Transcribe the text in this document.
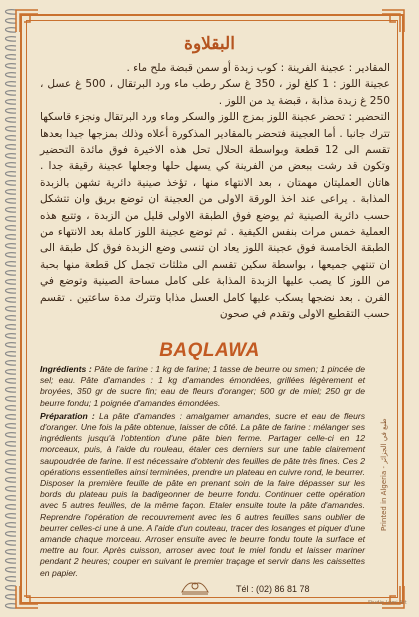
البقلاوة
المقادير : عجينة الفرينة : كوب زبدة أو سمن قبضة ملح ماء .
عجينة اللوز : 1 كلغ لوز ، 350 غ سكر رطب ماء ورد البرتقال ، 500 غ عسل ، 250 غ زبدة مذابة ، قبضة يد من اللوز .
التحضير : تحضر عجينة اللوز بمزج اللوز والسكر وماء ورد البرتقال ونجزء قاسكها تترك جانبا . أما العجينة فتحضر بالمقادير المذكورة أعلاه وذلك بمزجها جيدا بعدها تقسم الى 12 قطعة وبواسطة الحلال تحل هذه الاخيرة فوق مائدة التحضير وتكون قد رشت ببعض من الفرينة كي يسهل حلها وجعلها عجينة رقيقة جدا . هاتان العمليتان مهمتان ، بعد الانتهاء منها ، تؤخذ صينية دائرية تشهن بالزبدة المذابة . يراعى عند اخذ الورقة الاولى من العجينة ان توضع بريق وان تتشكل حسب دائرية الصينية ثم يوضع فوق الطبقة الاولى قليل من الزبدة ، وتتبع هذه العملية خمس مرات بنفس الكيفية . ثم توضع عجينة اللوز كاملة بعد الانتهاء من الطبقة الخامسة فوق عجينة اللوز يعاد ان تنسى وضع الزبدة فوق كل طبقة الى ان تنتهي جميعها ، بواسطة سكين تقسم الى مثلثات تجمل كل قطعة منها بحبة من اللوز كا يصب عليها الزبدة المذابة على كامل مساحة الصينية وتوضع في الفرن . بعد نضجها يسكب عليها كامل العسل مذابا وتترك مدة ساعتين . تقسم حسب التقطيع الاولى وتقدم في صحون
BAQLAWA

Ingrédients : Pâte de farine : 1 kg de farine; 1 tasse de beurre ou smen; 1 pincée de sel; eau. Pâte d'amandes : 1 kg d'amandes émondées, grillées légèrement et broyées, 350 gr de sucre fin; eau de fleurs d'oranger; 500 gr de miel; 250 gr de beurre fondu; 1 poignée d'amandes émondées.

Préparation : La pâte d'amandes : amalgamer amandes, sucre et eau de fleurs d'oranger. Une fois la pâte obtenue, laisser de côté. La pâte de farine : mélanger ses ingrédients jusqu'à l'obtention d'une pâte bien ferme. Partager celle-ci en 12 morceaux, puis, à l'aide du rouleau, étaler ces derniers sur une table clairement saupoudrée de farine. Il est nécessaire d'obtenir des feuilles de pâte très fines. Ces 2 opérations essentielles ainsi terminées, prendre un plateau en cuivre rond, le beurrer. Disposer la première feuille de pâte en prenant soin de la faire dépasser sur les bords du plateau puis la badigeonner de beurre fondu. Continuer cette opération avec 5 autres feuilles, de la même façon. Etaler ensuite toute la pâte d'amandes. Reprendre l'opération de recouvrement avec les 6 autres feuilles sans oublier de beurrer celles-ci une à une. A l'aide d'un couteau, tracer des losanges et piquer d'une amande chaque morceau. Arroser ensuite avec le beurre fondu toute la surface et mettre au four. Après cuisson, arroser avec tout le miel fondu et laisser mariner pendant 2 heures; couper en suivant le premier traçage et servir dans les caissettes en papier.

Printed in Algeria - طبع في الجزائر
Tél : (02) 86 81 78
Studio Lumi Art
